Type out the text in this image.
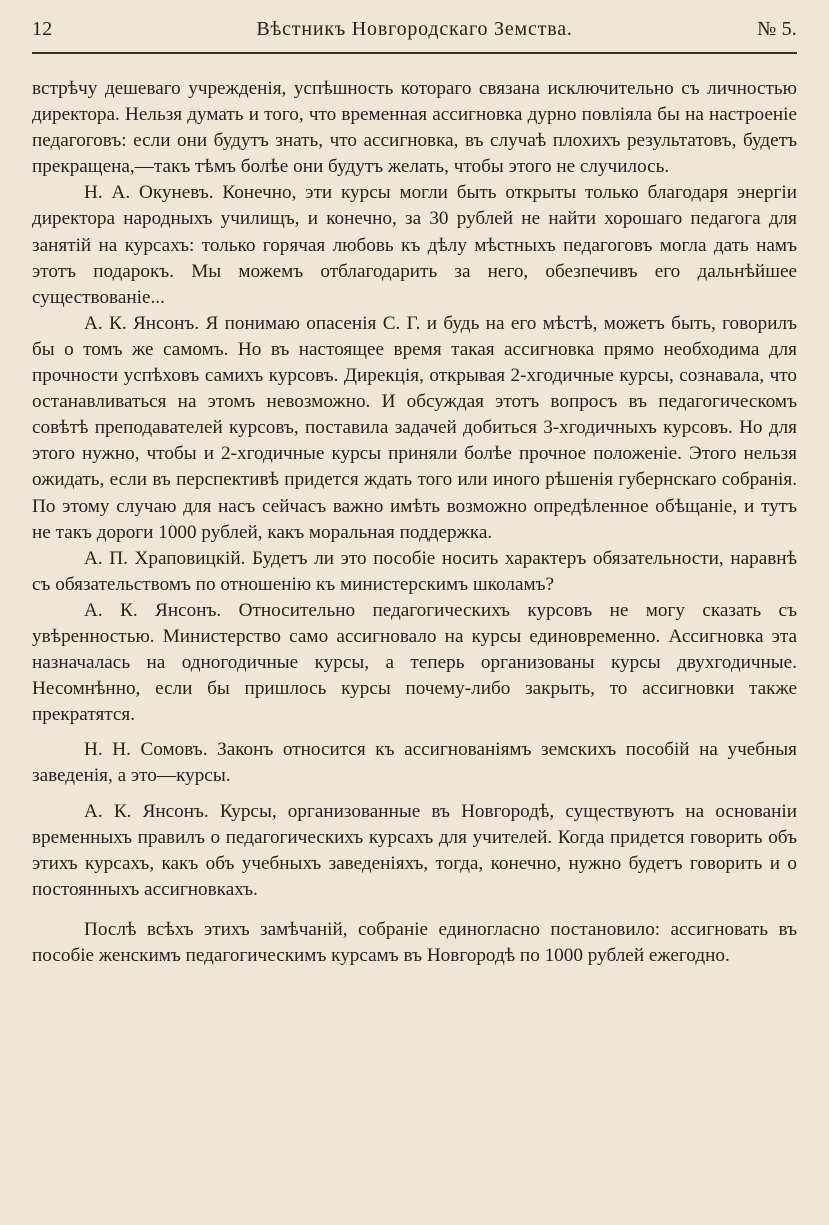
12	Вѣстникъ Новгородскаго Земства.	№ 5.

встрѣчу дешеваго учрежденія, успѣшность котораго связана исключительно съ личностью директора. Нельзя думать и того, что временная ассигновка дурно повліяла бы на настроеніе педагоговъ: если они будутъ знать, что ассигновка, въ случаѣ плохихъ результатовъ, будетъ прекращена,—такъ тѣмъ болѣе они будутъ желать, чтобы этого не случилось.

Н. А. Окуневъ. Конечно, эти курсы могли быть открыты только благодаря энергіи директора народныхъ училищъ, и конечно, за 30 рублей не найти хорошаго педагога для занятій на курсахъ: только горячая любовь къ дѣлу мѣстныхъ педагоговъ могла дать намъ этотъ подарокъ. Мы можемъ отблагодарить за него, обезпечивъ его дальнѣйшее существованіе...

А. К. Янсонъ. Я понимаю опасенія С. Г. и будь на его мѣстѣ, можетъ быть, говорилъ бы о томъ же самомъ. Но въ настоящее время такая ассигновка прямо необходима для прочности успѣховъ самихъ курсовъ. Дирекція, открывая 2-хгодичные курсы, сознавала, что останавливаться на этомъ невозможно. И обсуждая этотъ вопросъ въ педагогическомъ совѣтѣ преподавателей курсовъ, поставила задачей добиться 3-хгодичныхъ курсовъ. Но для этого нужно, чтобы и 2-хгодичные курсы приняли болѣе прочное положеніе. Этого нельзя ожидать, если въ перспективѣ придется ждать того или иного рѣшенія губернскаго собранія. По этому случаю для насъ сейчасъ важно имѣть возможно опредѣленное обѣщаніе, и тутъ не такъ дороги 1000 рублей, какъ моральная поддержка.

А. П. Храповицкій. Будетъ ли это пособіе носить характеръ обязательности, наравнѣ съ обязательствомъ по отношенію къ министерскимъ школамъ?

А. К. Янсонъ. Относительно педагогическихъ курсовъ не могу сказать съ увѣренностью. Министерство само ассигновало на курсы единовременно. Ассигновка эта назначалась на одногодичные курсы, а теперь организованы курсы двухгодичные. Несомнѣнно, если бы пришлось курсы почему-либо закрыть, то ассигновки также прекратятся.

Н. Н. Сомовъ. Законъ относится къ ассигнованіямъ земскихъ пособій на учебныя заведенія, а это—курсы.

А. К. Янсонъ. Курсы, организованные въ Новгородѣ, существуютъ на основаніи временныхъ правилъ о педагогическихъ курсахъ для учителей. Когда придется говорить объ этихъ курсахъ, какъ объ учебныхъ заведеніяхъ, тогда, конечно, нужно будетъ говорить и о постоянныхъ ассигновкахъ.

Послѣ всѣхъ этихъ замѣчаній, собраніе единогласно постановило: ассигновать въ пособіе женскимъ педагогическимъ курсамъ въ Новгородѣ по 1000 рублей ежегодно.
